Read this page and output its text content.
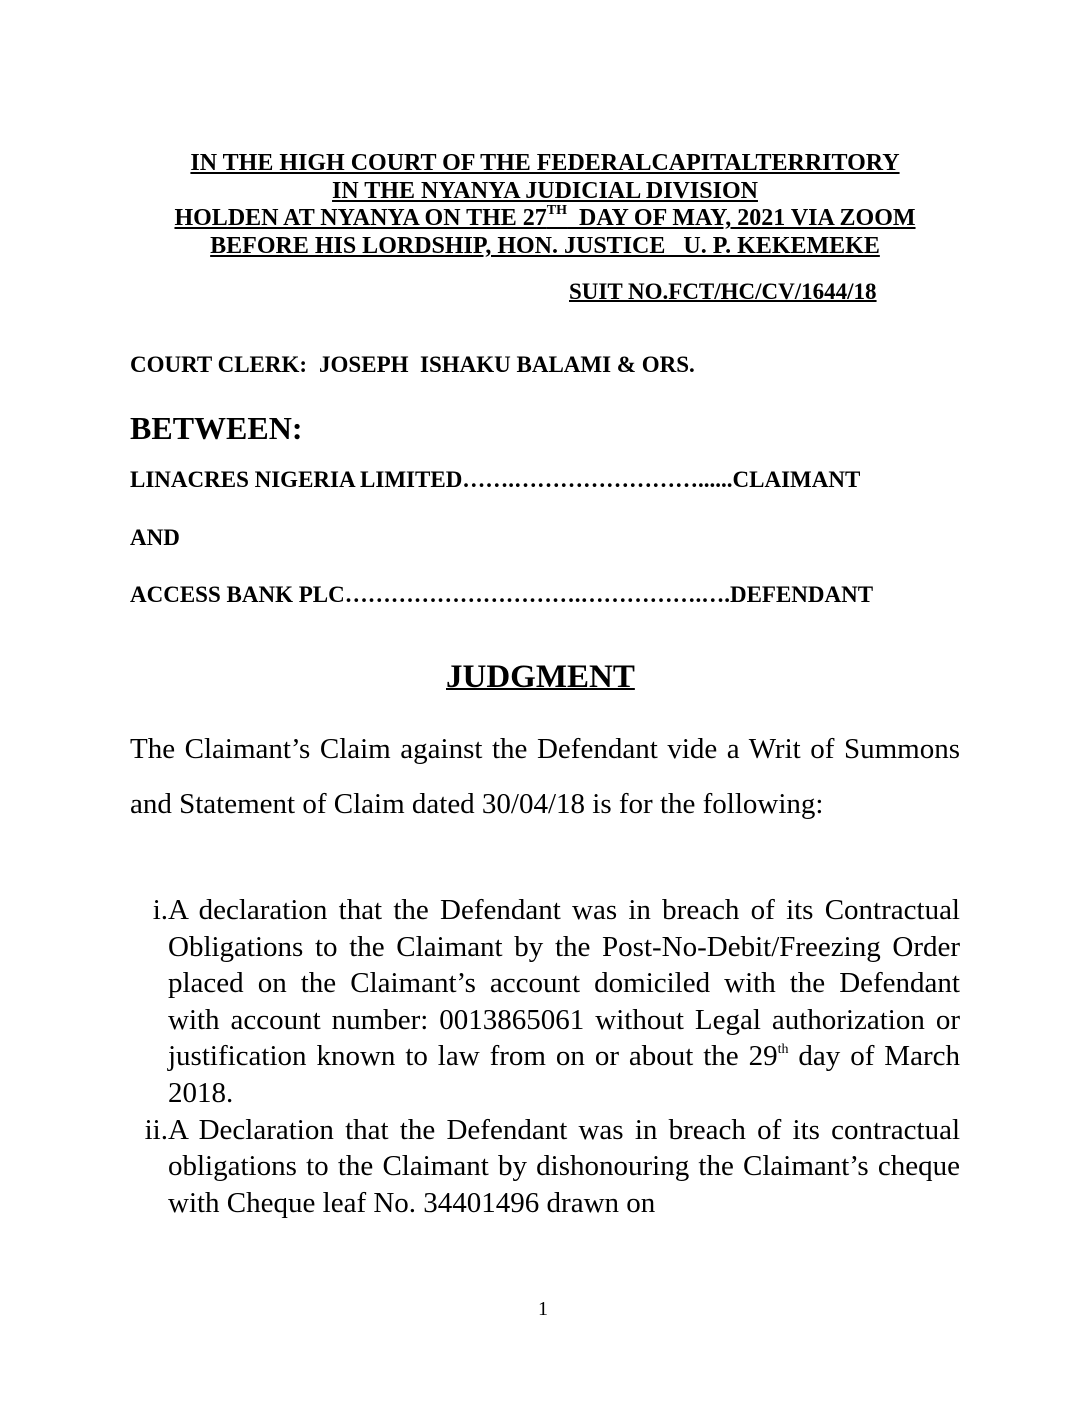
IN THE HIGH COURT OF THE FEDERALCAPITALTERRITORY
IN THE NYANYA JUDICIAL DIVISION
HOLDEN AT NYANYA ON THE 27TH  DAY OF MAY, 2021 VIA ZOOM
BEFORE HIS LORDSHIP, HON. JUSTICE   U. P. KEKEMEKE
SUIT NO.FCT/HC/CV/1644/18
COURT CLERK: JOSEPH  ISHAKU BALAMI & ORS.
BETWEEN:
LINACRES NIGERIA LIMITED…….……………………......CLAIMANT
AND
ACCESS BANK PLC………………………….…………….….DEFENDANT
JUDGMENT
The Claimant’s Claim against the Defendant vide a Writ of Summons and Statement of Claim dated 30/04/18 is for the following:
i. A declaration that the Defendant was in breach of its Contractual Obligations to the Claimant by the Post-No-Debit/Freezing Order placed on the Claimant’s account domiciled with the Defendant with account number: 0013865061 without Legal authorization or justification known to law from on or about the 29th day of March 2018.
ii. A Declaration that the Defendant was in breach of its contractual obligations to the Claimant by dishonouring the Claimant’s cheque with Cheque leaf No. 34401496 drawn on
1
